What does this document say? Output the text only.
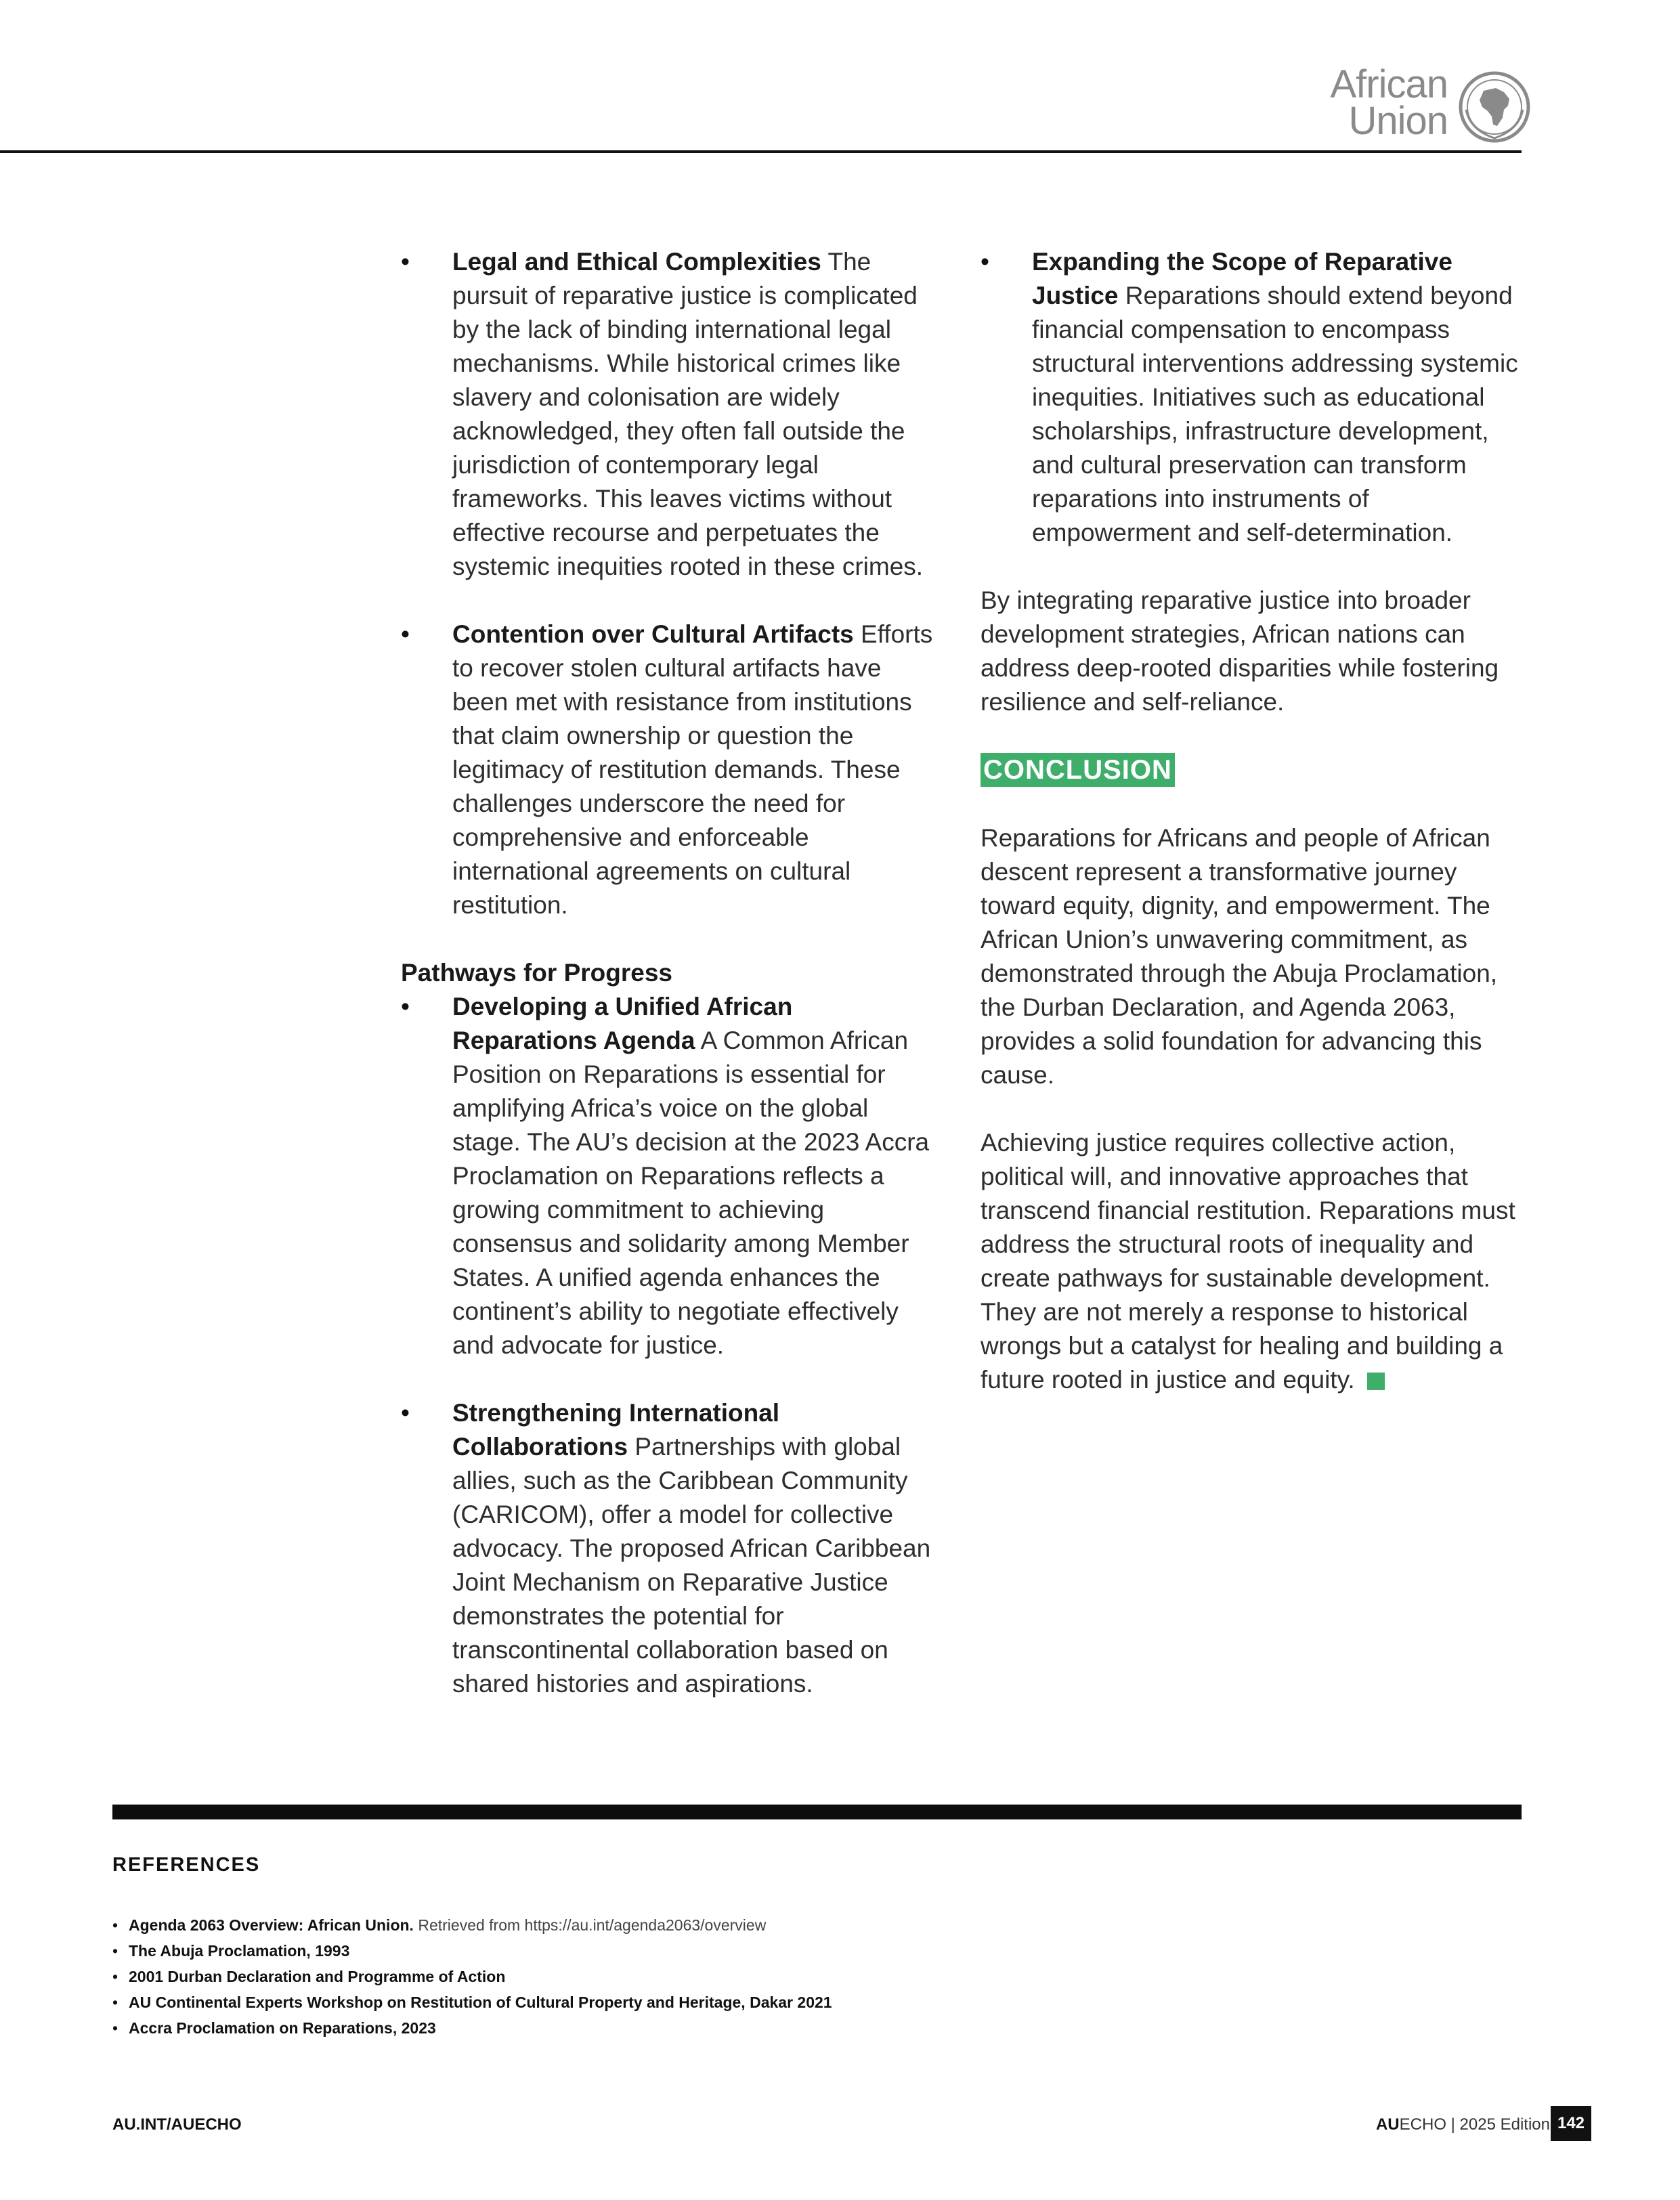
African
Union
• Legal and Ethical Complexities The pursuit of reparative justice is complicated by the lack of binding international legal mechanisms. While historical crimes like slavery and colonisation are widely acknowledged, they often fall outside the jurisdiction of contemporary legal frameworks. This leaves victims without effective recourse and perpetuates the systemic inequities rooted in these crimes.
• Contention over Cultural Artifacts Efforts to recover stolen cultural artifacts have been met with resistance from institutions that claim ownership or question the legitimacy of restitution demands. These challenges underscore the need for comprehensive and enforceable international agreements on cultural restitution.
Pathways for Progress
• Developing a Unified African Reparations Agenda A Common African Position on Reparations is essential for amplifying Africa’s voice on the global stage. The AU’s decision at the 2023 Accra Proclamation on Reparations reflects a growing commitment to achieving consensus and solidarity among Member States. A unified agenda enhances the continent’s ability to negotiate effectively and advocate for justice.
• Strengthening International Collaborations Partnerships with global allies, such as the Caribbean Community (CARICOM), offer a model for collective advocacy. The proposed African Caribbean Joint Mechanism on Reparative Justice demonstrates the potential for transcontinental collaboration based on shared histories and aspirations.
• Expanding the Scope of Reparative Justice Reparations should extend beyond financial compensation to encompass structural interventions addressing systemic inequities. Initiatives such as educational scholarships, infrastructure development, and cultural preservation can transform reparations into instruments of empowerment and self-determination.

By integrating reparative justice into broader development strategies, African nations can address deep-rooted disparities while fostering resilience and self-reliance.

CONCLUSION

Reparations for Africans and people of African descent represent a transformative journey toward equity, dignity, and empowerment. The African Union’s unwavering commitment, as demonstrated through the Abuja Proclamation, the Durban Declaration, and Agenda 2063, provides a solid foundation for advancing this cause.

Achieving justice requires collective action, political will, and innovative approaches that transcend financial restitution. Reparations must address the structural roots of inequality and create pathways for sustainable development. They are not merely a response to historical wrongs but a catalyst for healing and building a future rooted in justice and equity.

REFERENCES
• Agenda 2063 Overview: African Union. Retrieved from https://au.int/agenda2063/overview
• The Abuja Proclamation, 1993
• 2001 Durban Declaration and Programme of Action
• AU Continental Experts Workshop on Restitution of Cultural Property and Heritage, Dakar 2021
• Accra Proclamation on Reparations, 2023
AU.INT/AUECHO	AUECHO | 2025 Edition 142
